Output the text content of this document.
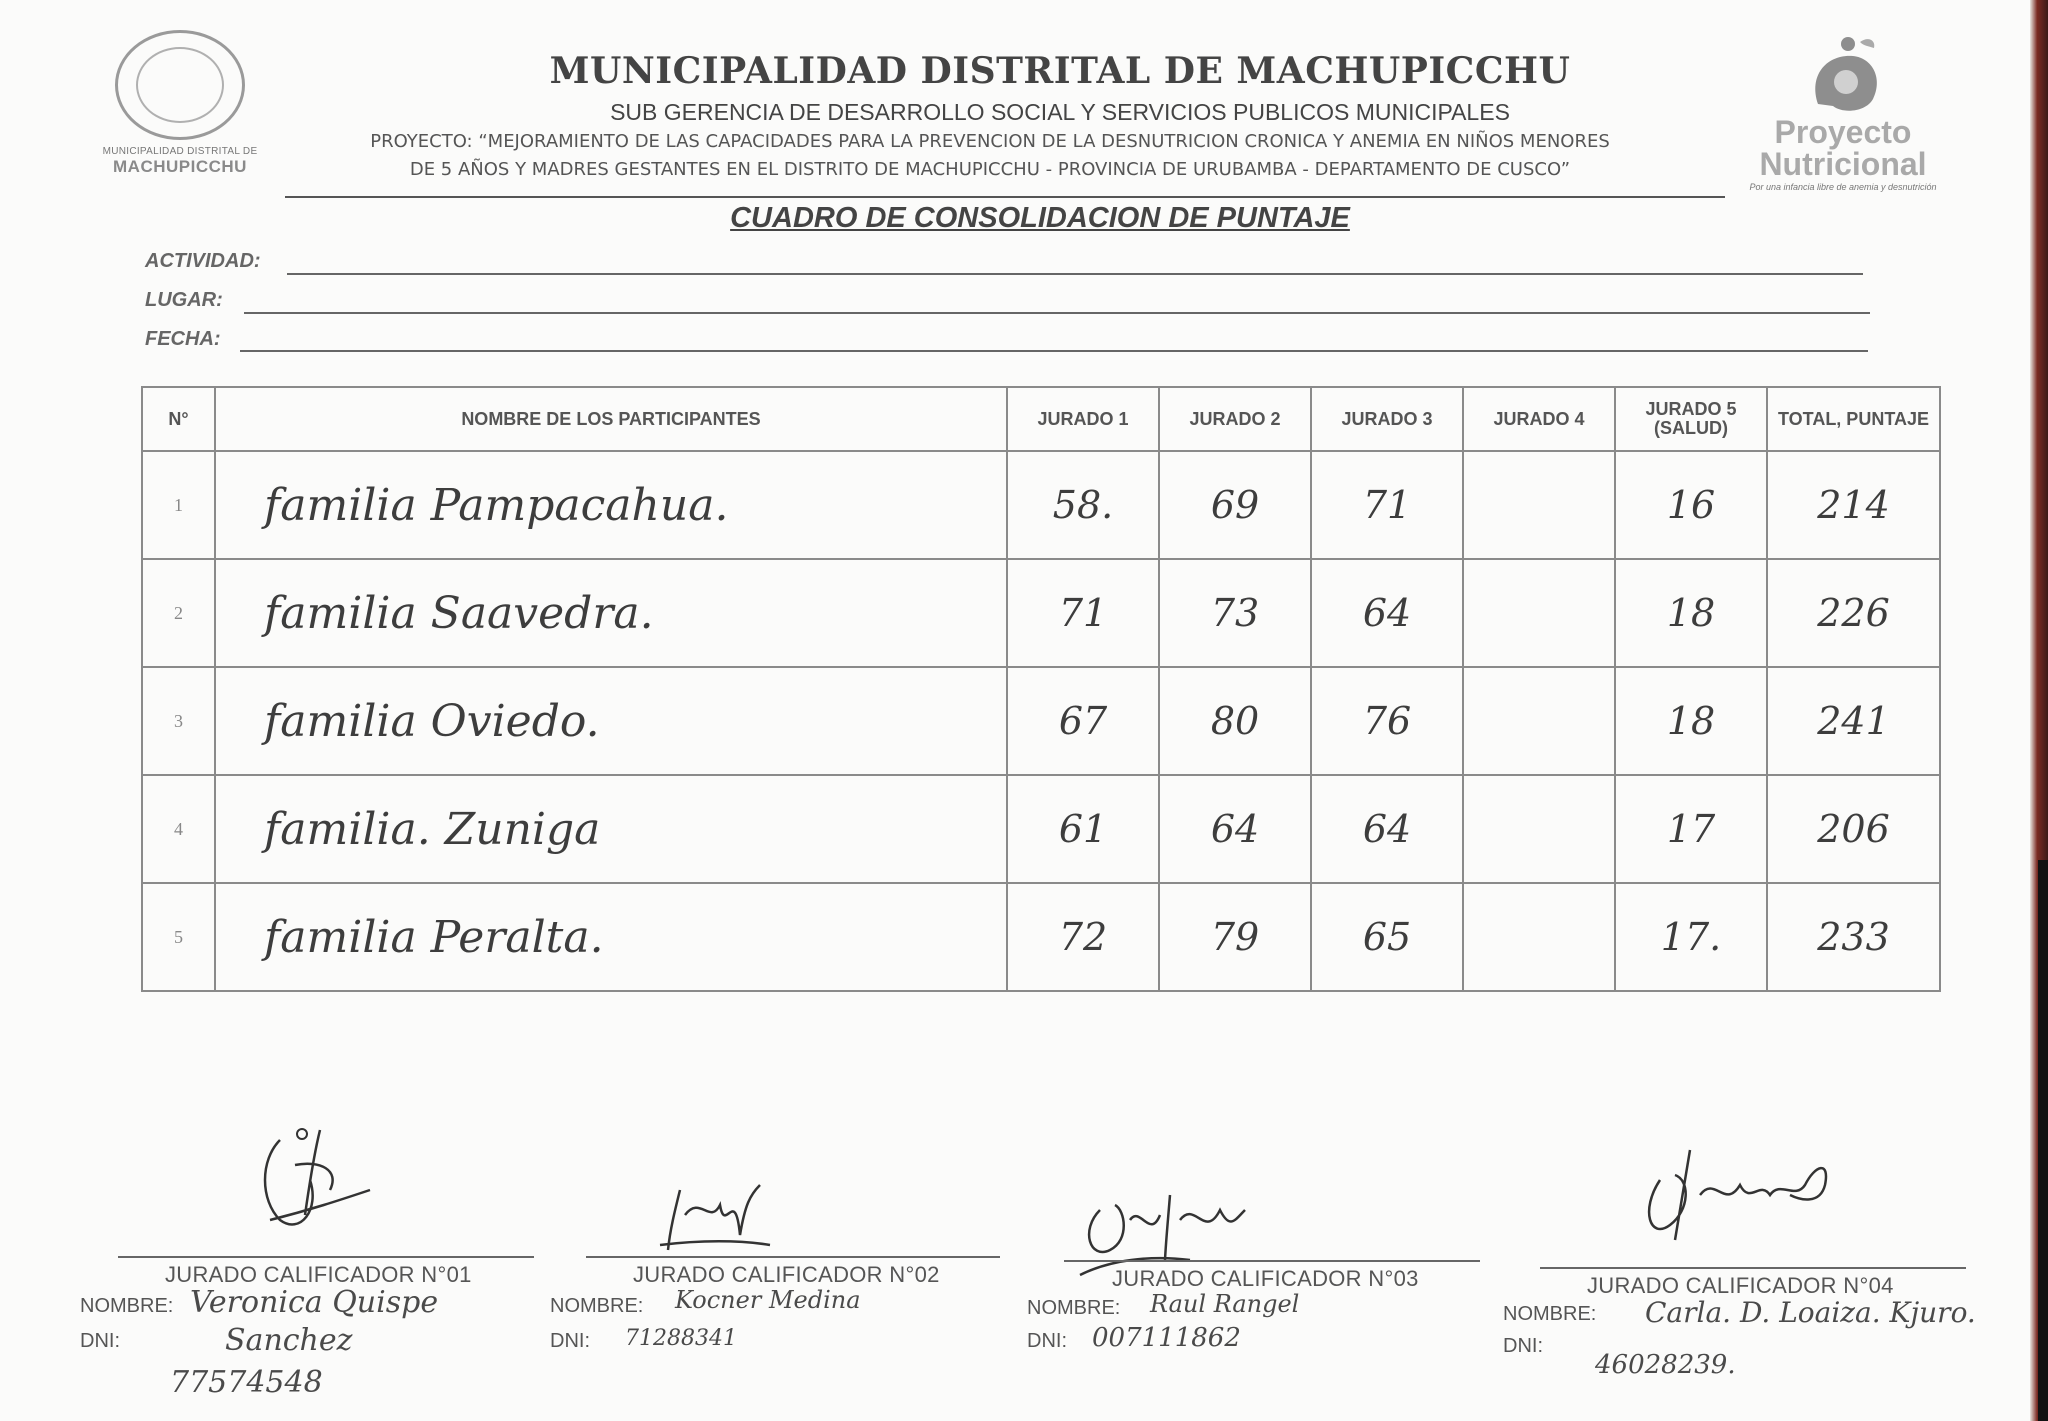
MUNICIPALIDAD DISTRITAL DE
MACHUPICCHU
Proyecto
Nutricional
Por una infancia libre de anemia y desnutrición
MUNICIPALIDAD DISTRITAL DE MACHUPICCHU
SUB GERENCIA DE DESARROLLO SOCIAL Y SERVICIOS PUBLICOS MUNICIPALES
PROYECTO: “MEJORAMIENTO DE LAS CAPACIDADES PARA LA PREVENCION DE LA DESNUTRICION CRONICA Y ANEMIA EN NIÑOS MENORES
DE 5 AÑOS Y MADRES GESTANTES EN EL DISTRITO DE MACHUPICCHU - PROVINCIA DE URUBAMBA - DEPARTAMENTO DE CUSCO”
CUADRO DE CONSOLIDACION DE PUNTAJE
ACTIVIDAD:
LUGAR:
FECHA:
N°	NOMBRE DE LOS PARTICIPANTES	JURADO 1	JURADO 2	JURADO 3	JURADO 4	JURADO 5 (SALUD)	TOTAL, PUNTAJE
1	familia Pampacahua.	58.	69	71		16	214
2	familia Saavedra.	71	73	64		18	226
3	familia Oviedo.	67	80	76		18	241
4	familia. Zuniga	61	64	64		17	206
5	familia Peralta.	72	79	65		17.	233
JURADO CALIFICADOR N°01
NOMBRE:
DNI:
Veronica Quispe
Sanchez
77574548
JURADO CALIFICADOR N°02
NOMBRE:
DNI:
Kocner Medina
71288341
JURADO CALIFICADOR N°03
NOMBRE:
DNI:
Raul Rangel
007111862
JURADO CALIFICADOR N°04
NOMBRE:
DNI:
Carla. D. Loaiza. Kjuro.
46028239.
